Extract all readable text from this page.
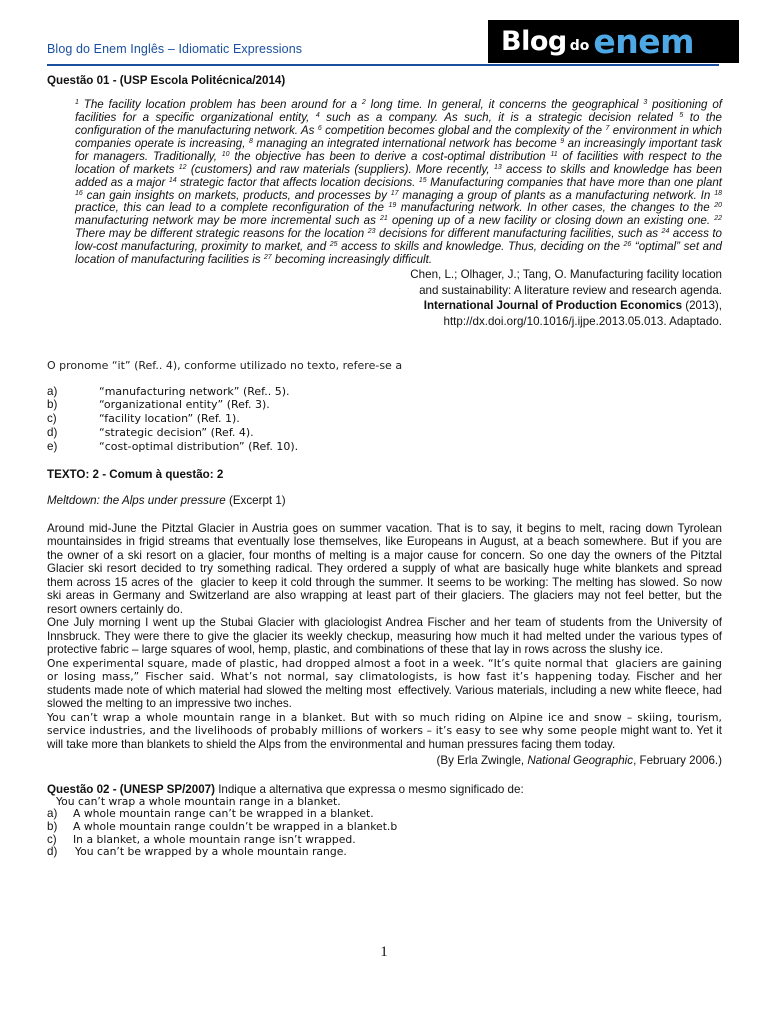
Blog do Enem Inglês – Idiomatic Expressions	Blog do enem
Questão 01 - (USP Escola Politécnica/2014)
$^1$ The facility location problem has been around for a $^2$ long time. In general, it concerns the geographical $^3$ positioning of facilities for a specific organizational entity, $^4$ such as a company. As such, it is a strategic decision related $^5$ to the configuration of the manufacturing network. As $^6$ competition becomes global and the complexity of the $^7$ environment in which companies operate is increasing, $^8$ managing an integrated international network has become $^9$ an increasingly important task for managers. Traditionally, $^{10}$ the objective has been to derive a cost-optimal distribution $^{11}$ of facilities with respect to the location of markets $^{12}$ (customers) and raw materials (suppliers). More recently, $^{13}$ access to skills and knowledge has been added as a major $^{14}$ strategic factor that affects location decisions. $^{15}$ Manufacturing companies that have more than one plant $^{16}$ can gain insights on markets, products, and processes by $^{17}$ managing a group of plants as a manufacturing network. In $^{18}$ practice, this can lead to a complete reconfiguration of the $^{19}$ manufacturing network. In other cases, the changes to the $^{20}$ manufacturing network may be more incremental such as $^{21}$ opening up of a new facility or closing down an existing one. $^{22}$ There may be different strategic reasons for the location $^{23}$ decisions for different manufacturing facilities, such as $^{24}$ access to low-cost manufacturing, proximity to market, and $^{25}$ access to skills and knowledge. Thus, deciding on the $^{26}$ “optimal” set and location of manufacturing facilities is $^{27}$ becoming increasingly difficult.
Chen, L.; Olhager, J.; Tang, O. Manufacturing facility location
and sustainability: A literature review and research agenda.
International Journal of Production Economics (2013),
http://dx.doi.org/10.1016/j.ijpe.2013.05.013. Adaptado.
O pronome “it” (Ref.. 4), conforme utilizado no texto, refere-se a
a)	“manufacturing network” (Ref.. 5).
b)	“organizational entity” (Ref. 3).
c)	“facility location” (Ref. 1).
d)	“strategic decision” (Ref. 4).
e)	“cost-optimal distribution” (Ref. 10).
TEXTO: 2 - Comum à questão: 2
Meltdown: the Alps under pressure (Excerpt 1)

Around mid-June the Pitztal Glacier in Austria goes on summer vacation. That is to say, it begins to melt, racing down Tyrolean mountainsides in frigid streams that eventually lose themselves, like Europeans in August, at a beach somewhere. But if you are the owner of a ski resort on a glacier, four months of melting is a major cause for concern. So one day the owners of the Pitztal Glacier ski resort decided to try something radical. They ordered a supply of what are basically huge white blankets and spread them across 15 acres of the  glacier to keep it cold through the summer. It seems to be working: The melting has slowed. So now ski areas in Germany and Switzerland are also wrapping at least part of their glaciers. The glaciers may not feel better, but the resort owners certainly do.

One July morning I went up the Stubai Glacier with glaciologist Andrea Fischer and her team of students from the University of Innsbruck. They were there to give the glacier its weekly checkup, measuring how much it had melted under the various types of protective fabric – large squares of wool, hemp, plastic, and combinations of these that lay in rows across the slushy ice.

One experimental square, made of plastic, had dropped almost a foot in a week. “It’s quite normal that  glaciers are gaining or losing mass,” Fischer said. What’s not normal, say climatologists, is how fast it’s happening today. Fischer and her students made note of which material had slowed the melting most  effectively. Various materials, including a new white fleece, had slowed the melting to an impressive two inches.

You can’t wrap a whole mountain range in a blanket. But with so much riding on Alpine ice and snow – skiing, tourism, service industries, and the livelihoods of probably millions of workers – it’s easy to see why some people might want to. Yet it will take more than blankets to shield the Alps from the environmental and human pressures facing them today.

(By Erla Zwingle, National Geographic, February 2006.)
Questão 02 - (UNESP SP/2007) Indique a alternativa que expressa o mesmo significado de:
You can’t wrap a whole mountain range in a blanket.
a)	A whole mountain range can’t be wrapped in a blanket.
b)	A whole mountain range couldn’t be wrapped in a blanket.b
c)	In a blanket, a whole mountain range isn’t wrapped.
d)	You can’t be wrapped by a whole mountain range.
1
